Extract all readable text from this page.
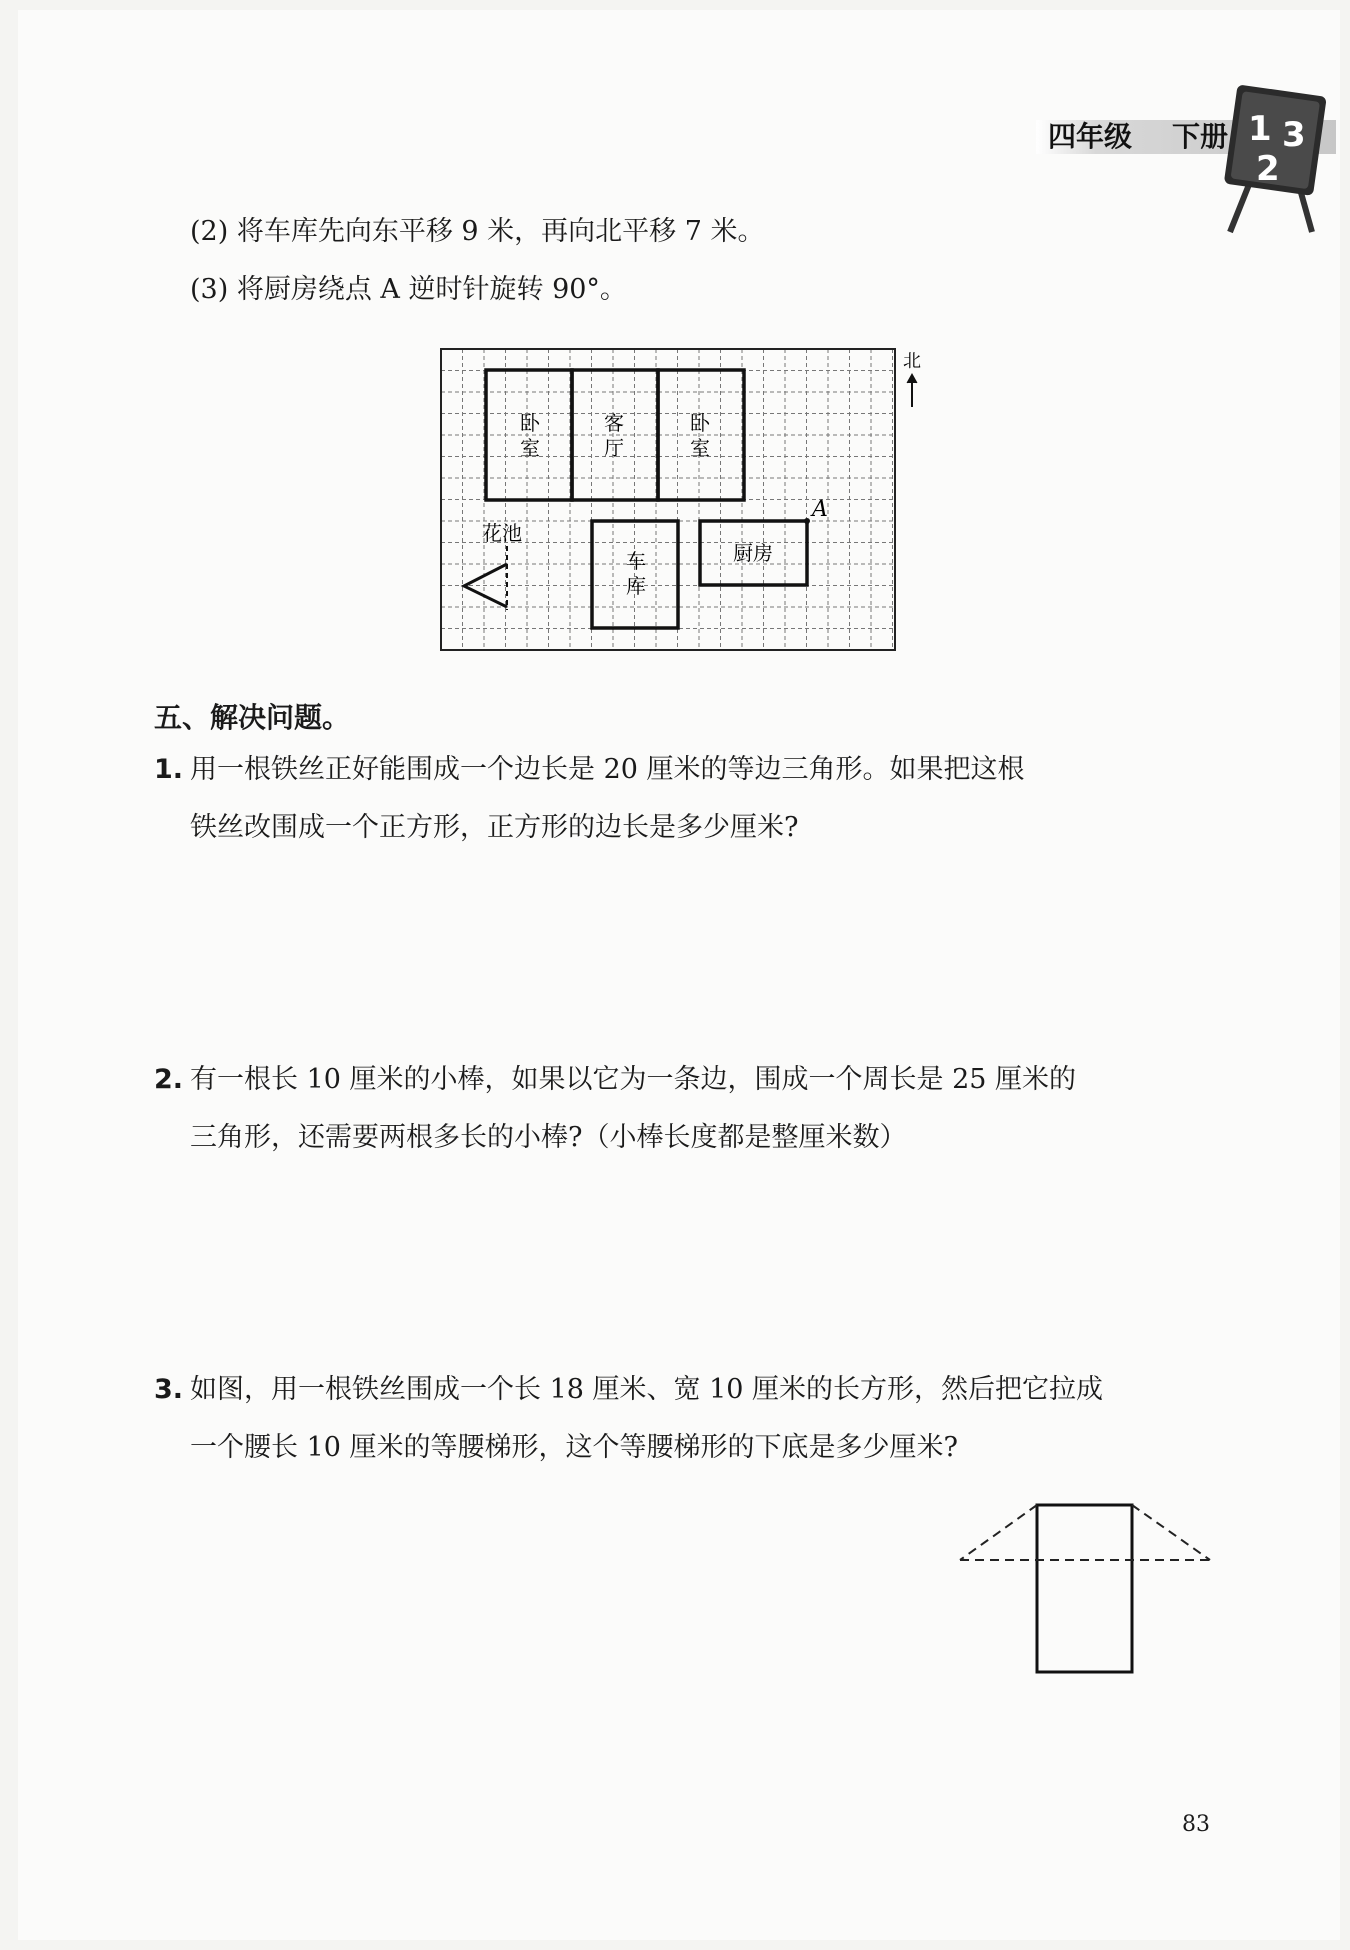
四年级 下册 1 3
2
(2) 将车库先向东平移 9 米，再向北平移 7 米。
(3) 将厨房绕点 A 逆时针旋转 90°。
卧
室
客
厅
卧
室
车
库
厨房
A
花池
北
五、解决问题。
1. 用一根铁丝正好能围成一个边长是 20 厘米的等边三角形。如果把这根
铁丝改围成一个正方形，正方形的边长是多少厘米?
2. 有一根长 10 厘米的小棒，如果以它为一条边，围成一个周长是 25 厘米的
三角形，还需要两根多长的小棒?（小棒长度都是整厘米数）
3. 如图，用一根铁丝围成一个长 18 厘米、宽 10 厘米的长方形，然后把它拉成
一个腰长 10 厘米的等腰梯形，这个等腰梯形的下底是多少厘米?
83
